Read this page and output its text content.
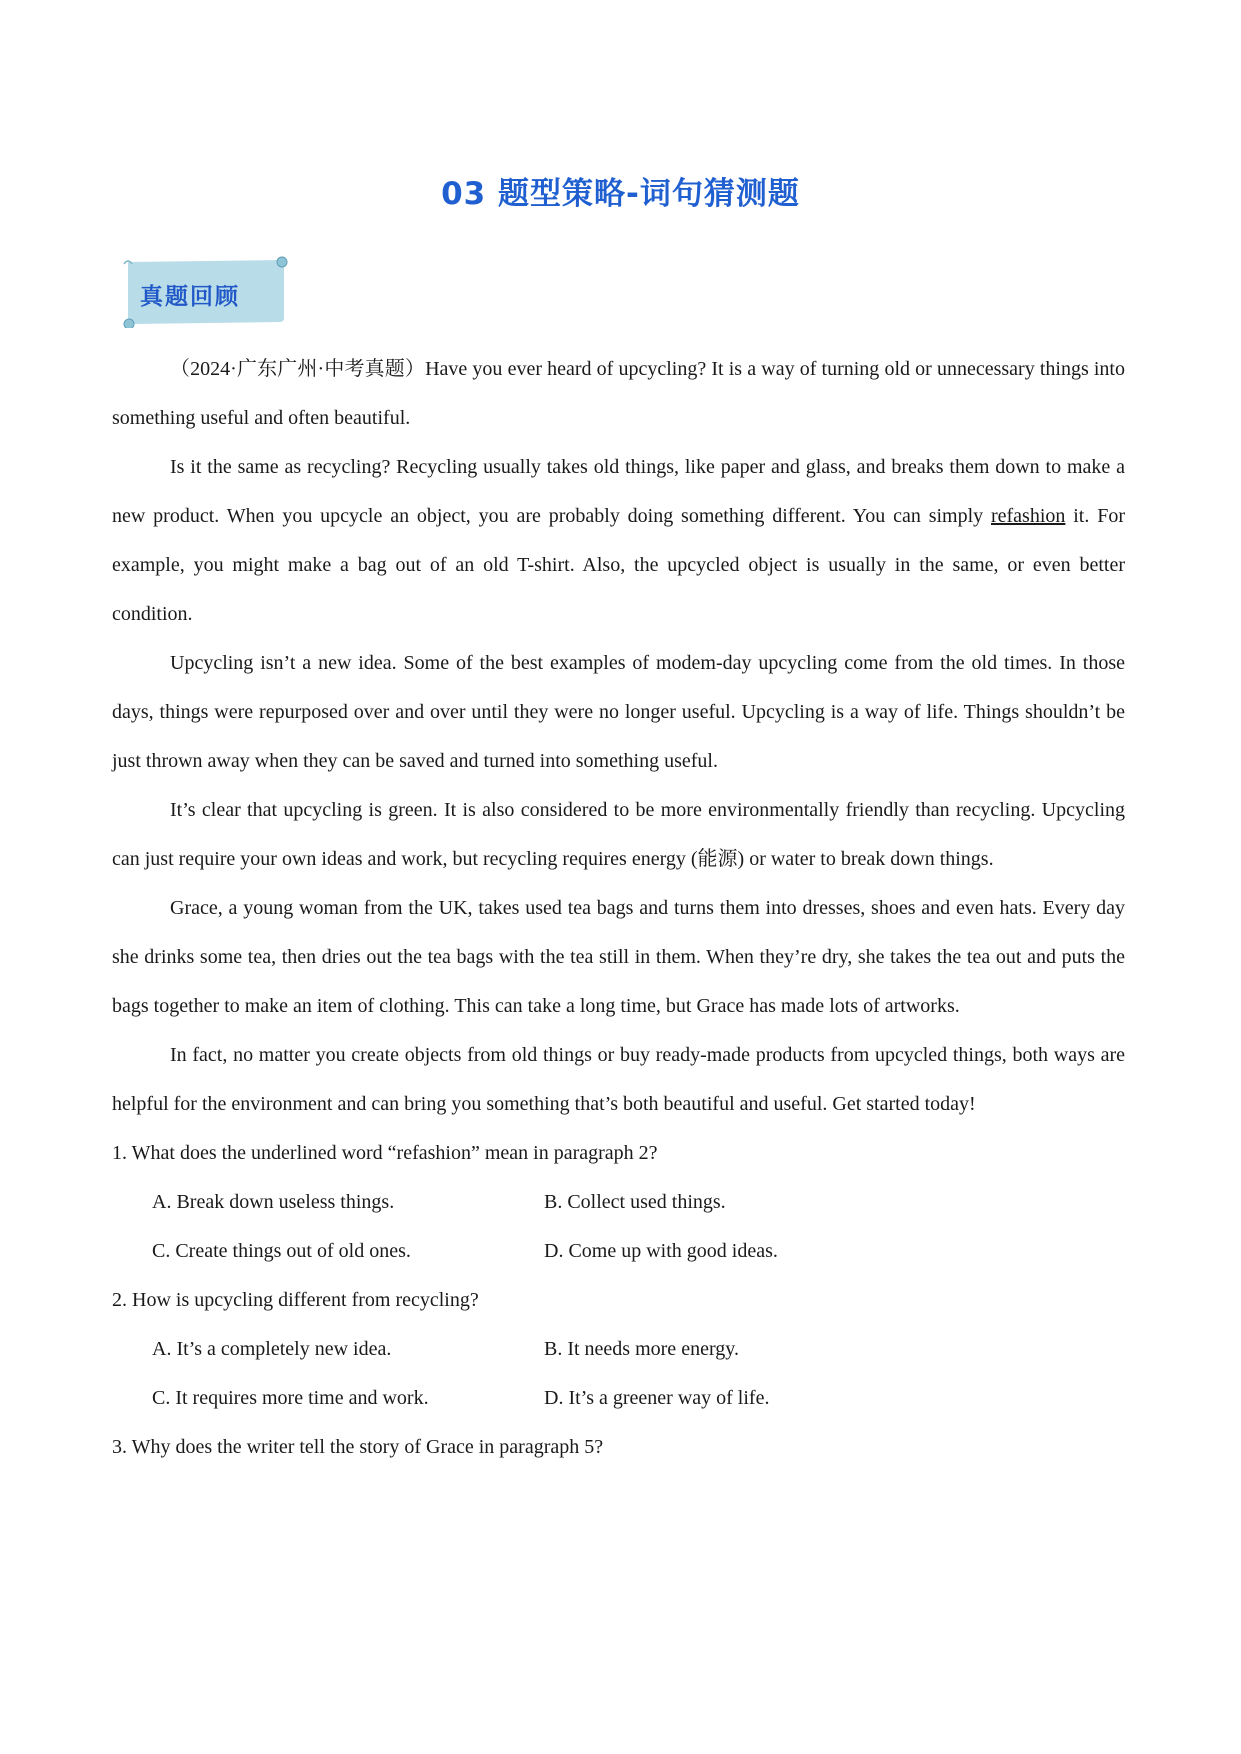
03 题型策略-词句猜测题
真题回顾

（2024·广东广州·中考真题）Have you ever heard of upcycling? It is a way of turning old or unnecessary things into something useful and often beautiful.

Is it the same as recycling? Recycling usually takes old things, like paper and glass, and breaks them down to make a new product. When you upcycle an object, you are probably doing something different. You can simply refashion it. For example, you might make a bag out of an old T-shirt. Also, the upcycled object is usually in the same, or even better condition.

Upcycling isn’t a new idea. Some of the best examples of modem-day upcycling come from the old times. In those days, things were repurposed over and over until they were no longer useful. Upcycling is a way of life. Things shouldn’t be just thrown away when they can be saved and turned into something useful.

It’s clear that upcycling is green. It is also considered to be more environmentally friendly than recycling. Upcycling can just require your own ideas and work, but recycling requires energy (能源) or water to break down things.

Grace, a young woman from the UK, takes used tea bags and turns them into dresses, shoes and even hats. Every day she drinks some tea, then dries out the tea bags with the tea still in them. When they’re dry, she takes the tea out and puts the bags together to make an item of clothing. This can take a long time, but Grace has made lots of artworks.

In fact, no matter you create objects from old things or buy ready-made products from upcycled things, both ways are helpful for the environment and can bring you something that’s both beautiful and useful. Get started today!

1. What does the underlined word “refashion” mean in paragraph 2?
A. Break down useless things.	B. Collect used things.
C. Create things out of old ones.	D. Come up with good ideas.
2. How is upcycling different from recycling?
A. It’s a completely new idea.	B. It needs more energy.
C. It requires more time and work.	D. It’s a greener way of life.
3. Why does the writer tell the story of Grace in paragraph 5?
